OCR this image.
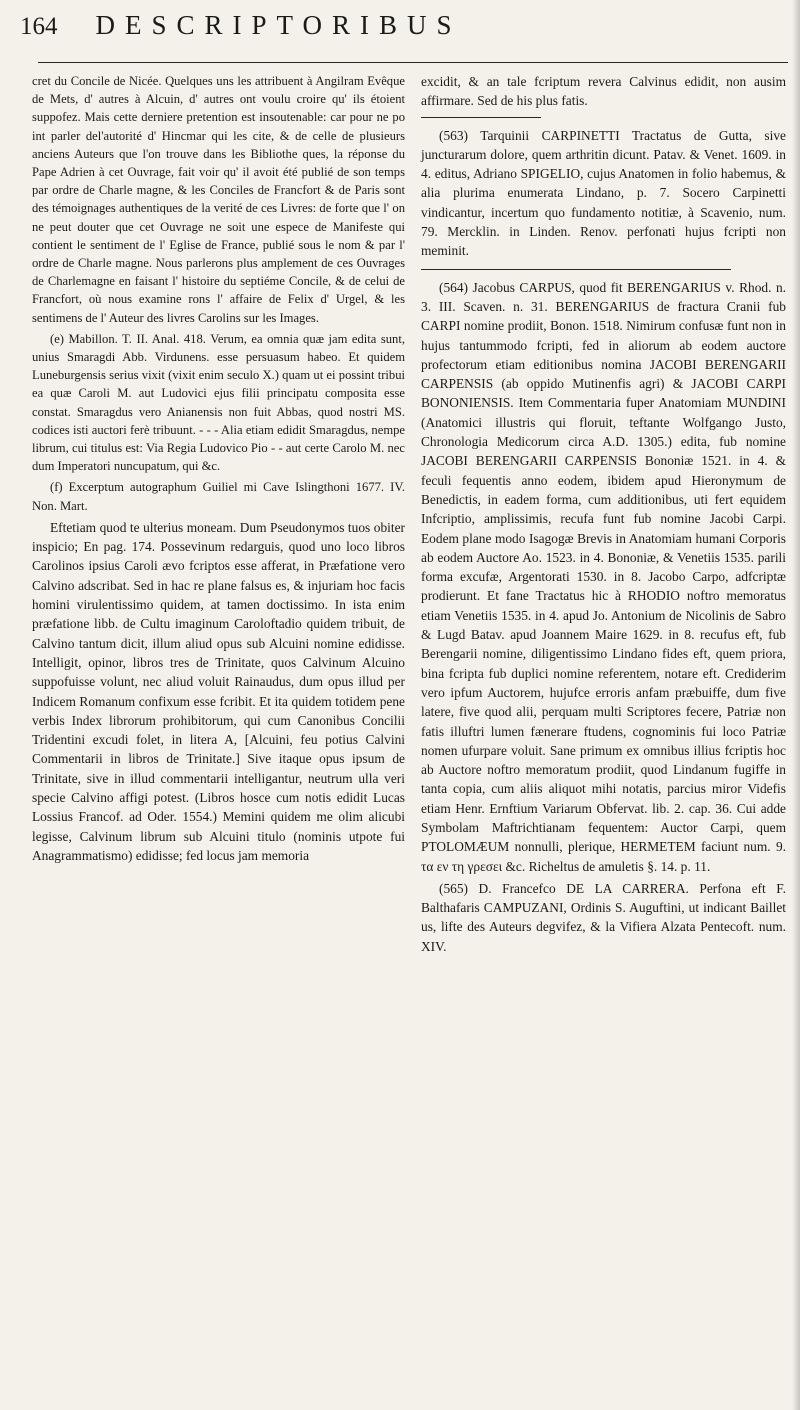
164 DESCRIPTORIBUS

cret du Concile de Nicée. Quelques uns les attribuent à Angilram Evêque de Mets, d' autres à Alcuin, d' autres ont voulu croire qu' ils étoient suppofez. Mais cette derniere pretention est insoutenable: car pour ne po int parler del'autorité d' Hincmar qui les cite, & de celle de plusieurs anciens Auteurs que l'on trouve dans les Bibliothe ques, la réponse du Pape Adrien à cet Ouvrage, fait voir qu' il avoit été publié de son temps par ordre de Charle magne, & les Conciles de Francfort & de Paris sont des témoignages authentiques de la verité de ces Livres: de forte que l' on ne peut douter que cet Ouvrage ne soit une espece de Manifeste qui contient le sentiment de l' Eglise de France, publié sous le nom & par l' ordre de Charle magne. Nous parlerons plus amplement de ces Ouvrages de Charlemagne en faisant l' histoire du septiéme Concile, & de celui de Francfort, où nous examine rons l' affaire de Felix d' Urgel, & les sentimens de l' Auteur des livres Carolins sur les Images.

(e) Mabillon. T. II. Anal. 418. Verum, ea omnia quæ jam edita sunt, unius Smaragdi Abb. Virdunens. esse persuasum habeo. Et quidem Luneburgensis serius vixit (vixit enim seculo X.) quam ut ei possint tribui ea quæ Caroli M. aut Ludovici ejus filii principatu composita esse constat. Smaragdus vero Anianensis non fuit Abbas, quod nostri MS. codices isti auctori ferè tribuunt. - - - Alia etiam edidit Smaragdus, nempe librum, cui titulus est: Via Regia Ludovico Pio - - aut certe Carolo M. nec dum Imperatori nuncupatum, qui &c.

(f) Excerptum autographum Guiliel mi Cave Islingthoni 1677. IV. Non. Mart.

Eftetiam quod te ulterius moneam. Dum Pseudonymos tuos obiter inspicio; En pag. 174. Possevinum redarguis, quod uno loco libros Carolinos ipsius Caroli ævo fcriptos esse afferat, in Præfatione vero Calvino adscribat. Sed in hac re plane falsus es, & injuriam hoc facis homini virulentissimo quidem, at tamen doctissimo. In ista enim præfatione libb. de Cultu imaginum Caroloftadio quidem tribuit, de Calvino tantum dicit, illum aliud opus sub Alcuini nomine edidisse. Intelligit, opinor, libros tres de Trinitate, quos Calvinum Alcuino suppofuisse volunt, nec aliud voluit Rainaudus, dum opus illud per Indicem Romanum confixum esse fcribit. Et ita quidem totidem pene verbis Index librorum prohibitorum, qui cum Canonibus Concilii Tridentini excudi folet, in litera A, [Alcuini, feu potius Calvini Commentarii in libros de Trinitate.] Sive itaque opus ipsum de Trinitate, sive in illud commentarii intelligantur, neutrum ulla veri specie Calvino affigi potest. (Libros hosce cum notis edidit Lucas Lossius Francof. ad Oder. 1554.) Memini quidem me olim alicubi legisse, Calvinum librum sub Alcuini titulo (nominis utpote fui Anagrammatismo) edidisse; fed locus jam memoria

excidit, & an tale fcriptum revera Calvinus edidit, non ausim affirmare. Sed de his plus fatis.

(563) Tarquinii CARPINETTI Tractatus de Gutta, sive juncturarum dolore, quem arthritin dicunt. Patav. & Venet. 1609. in 4. editus, Adriano SPIGELIO, cujus Anatomen in folio habemus, & alia plurima enumerata Lindano, p. 7. Socero Carpinetti vindicantur, incertum quo fundamento notitiæ, à Scavenio, num. 79. Mercklin. in Linden. Renov. perfonati hujus fcripti non meminit.

(564) Jacobus CARPUS, quod fit BERENGARIUS v. Rhod. n. 3. III. Scaven. n. 31. BERENGARIUS de fractura Cranii fub CARPI nomine prodiit, Bonon. 1518. Nimirum confusæ funt non in hujus tantummodo fcripti, fed in aliorum ab eodem auctore profectorum etiam editionibus nomina JACOBI BERENGARII CARPENSIS (ab oppido Mutinenfis agri) & JACOBI CARPI BONONIENSIS. Item Commentaria fuper Anatomiam MUNDINI (Anatomici illustris qui floruit, teftante Wolfgango Justo, Chronologia Medicorum circa A.D. 1305.) edita, fub nomine JACOBI BERENGARII CARPENSIS Bononiæ 1521. in 4. & feculi fequentis anno eodem, ibidem apud Hieronymum de Benedictis, in eadem forma, cum additionibus, uti fert equidem Infcriptio, amplissimis, recufa funt fub nomine Jacobi Carpi. Eodem plane modo Isagogæ Brevis in Anatomiam humani Corporis ab eodem Auctore Ao. 1523. in 4. Bononiæ, & Venetiis 1535. parili forma excufæ, Argentorati 1530. in 8. Jacobo Carpo, adfcriptæ prodierunt. Et fane Tractatus hic à RHODIO noftro memoratus etiam Venetiis 1535. in 4. apud Jo. Antonium de Nicolinis de Sabro & Lugd Batav. apud Joannem Maire 1629. in 8. recufus eft, fub Berengarii nomine, diligentissimo Lindano fides eft, quem priora, bina fcripta fub duplici nomine referentem, notare eft. Crediderim vero ipfum Auctorem, hujufce erroris anfam præbuiffe, dum five latere, five quod alii, perquam multi Scriptores fecere, Patriæ non fatis illuftri lumen fænerare ftudens, cognominis fui loco Patriæ nomen ufurpare voluit. Sane primum ex omnibus illius fcriptis hoc ab Auctore noftro memoratum prodiit, quod Lindanum fugiffe in tanta copia, cum aliis aliquot mihi notatis, parcius miror Videfis etiam Henr. Ernftium Variarum Obfervat. lib. 2. cap. 36. Cui adde Symbolam Maftrichtianam fequentem: Auctor Carpi, quem PTOLOMÆUM nonnulli, plerique, HERMETEM faciunt num. 9. τα εν τη γρεσει &c. Richeltus de amuletis §. 14. p. 11.

(565) D. Francefco DE LA CARRERA. Perfona eft F. Balthafaris CAMPUZANI, Ordinis S. Auguftini, ut indicant Baillet us, lifte des Auteurs degvifez, & la Vifiera Alzata Pentecoft. num. XIV.
